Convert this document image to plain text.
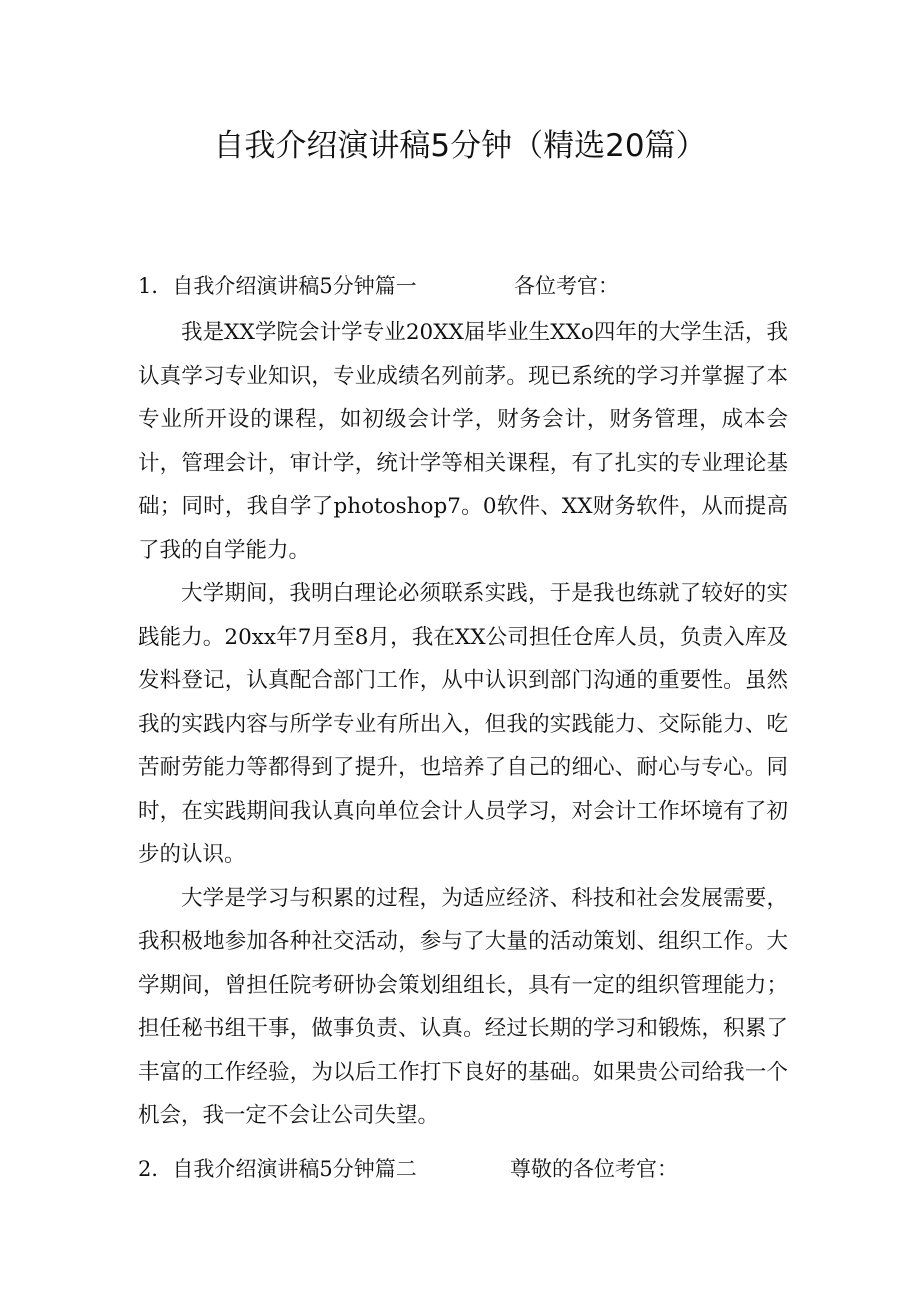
自我介绍演讲稿5分钟（精选20篇）
1．自我介绍演讲稿5分钟篇一	各位考官：

我是XX学院会计学专业20XX届毕业生XXo四年的大学生活，我认真学习专业知识，专业成绩名列前茅。现已系统的学习并掌握了本专业所开设的课程，如初级会计学，财务会计，财务管理，成本会计，管理会计，审计学，统计学等相关课程，有了扎实的专业理论基础；同时，我自学了photoshop7。0软件、XX财务软件，从而提高了我的自学能力。

大学期间，我明白理论必须联系实践，于是我也练就了较好的实践能力。20xx年7月至8月，我在XX公司担任仓库人员，负责入库及发料登记，认真配合部门工作，从中认识到部门沟通的重要性。虽然我的实践内容与所学专业有所出入，但我的实践能力、交际能力、吃苦耐劳能力等都得到了提升，也培养了自己的细心、耐心与专心。同时，在实践期间我认真向单位会计人员学习，对会计工作坏境有了初步的认识。

大学是学习与积累的过程，为适应经济、科技和社会发展需要，我积极地参加各种社交活动，参与了大量的活动策划、组织工作。大学期间，曾担任院考研协会策划组组长，具有一定的组织管理能力；担任秘书组干事，做事负责、认真。经过长期的学习和锻炼，积累了丰富的工作经验，为以后工作打下良好的基础。如果贵公司给我一个机会，我一定不会让公司失望。

2．自我介绍演讲稿5分钟篇二	尊敬的各位考官：
